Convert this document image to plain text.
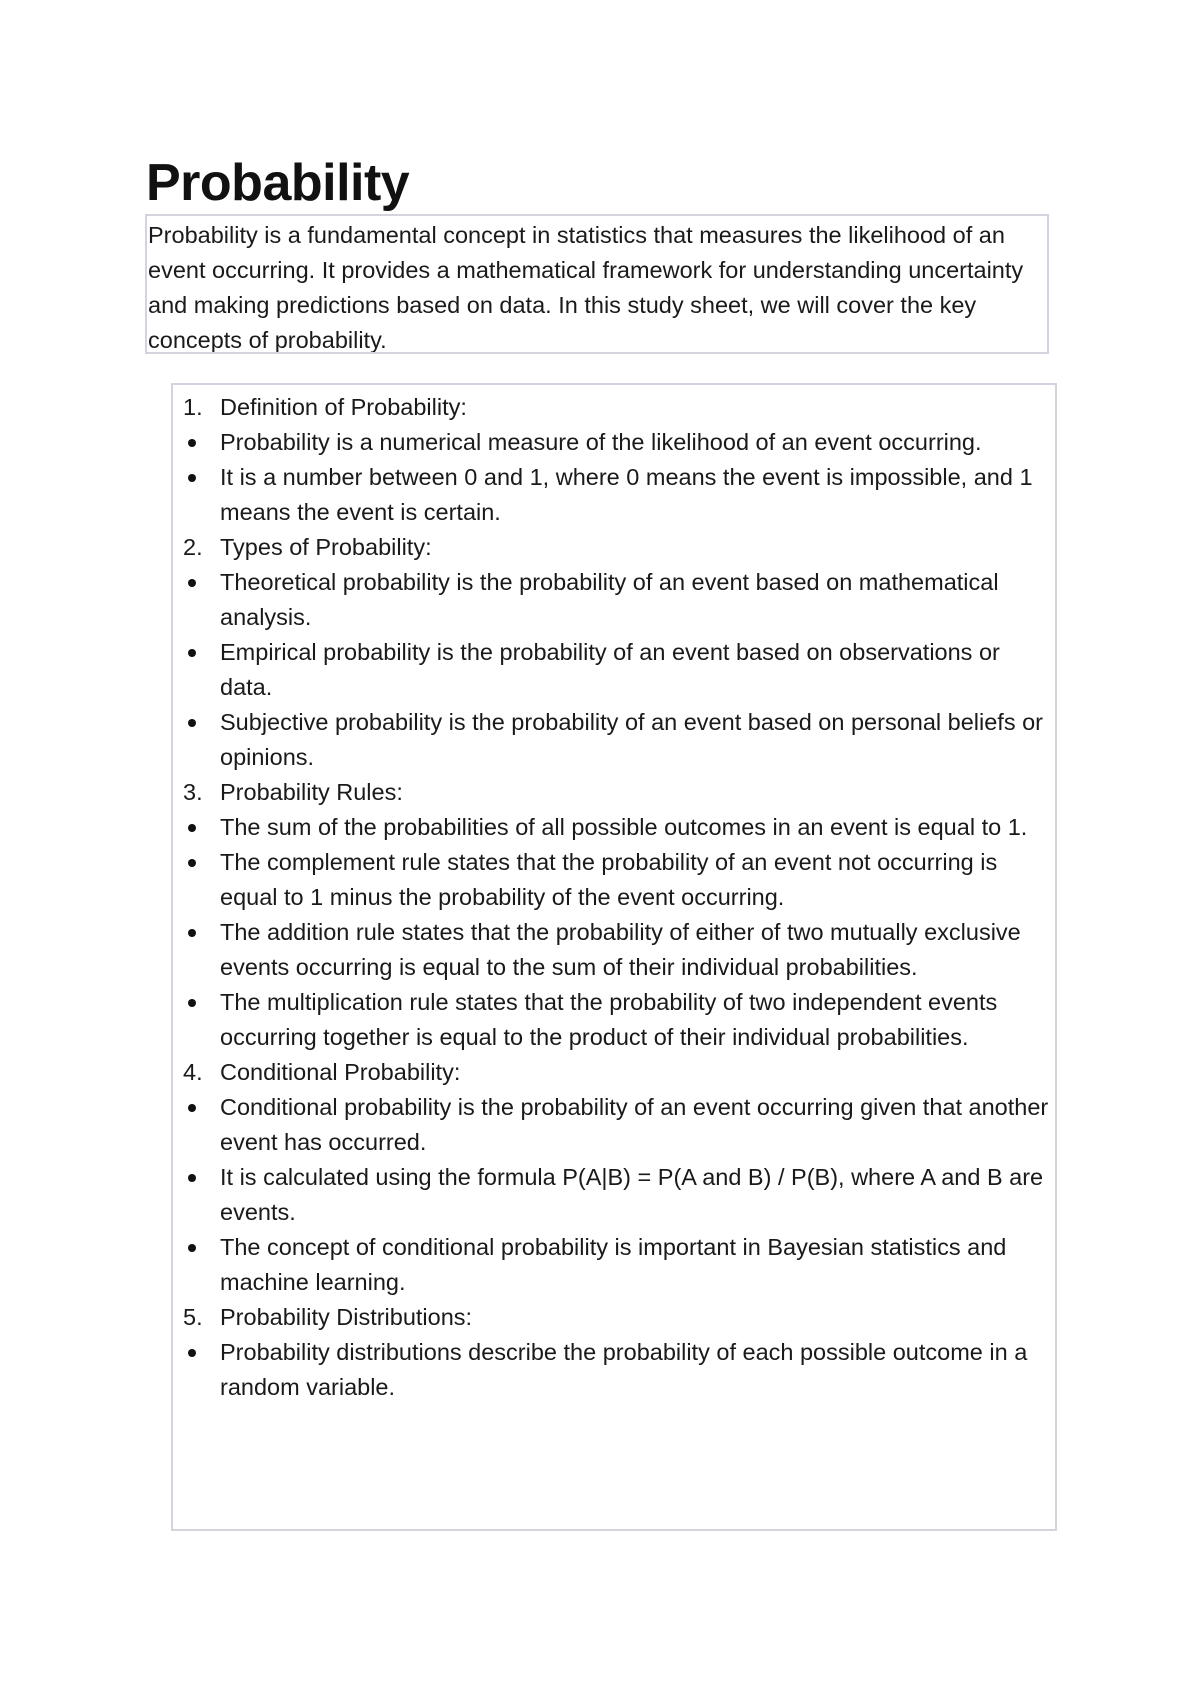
Probability
Probability is a fundamental concept in statistics that measures the likelihood of an event occurring. It provides a mathematical framework for understanding uncertainty and making predictions based on data. In this study sheet, we will cover the key concepts of probability.
1. Definition of Probability:
Probability is a numerical measure of the likelihood of an event occurring.
It is a number between 0 and 1, where 0 means the event is impossible, and 1 means the event is certain.
2. Types of Probability:
Theoretical probability is the probability of an event based on mathematical analysis.
Empirical probability is the probability of an event based on observations or data.
Subjective probability is the probability of an event based on personal beliefs or opinions.
3. Probability Rules:
The sum of the probabilities of all possible outcomes in an event is equal to 1.
The complement rule states that the probability of an event not occurring is equal to 1 minus the probability of the event occurring.
The addition rule states that the probability of either of two mutually exclusive events occurring is equal to the sum of their individual probabilities.
The multiplication rule states that the probability of two independent events occurring together is equal to the product of their individual probabilities.
4. Conditional Probability:
Conditional probability is the probability of an event occurring given that another event has occurred.
It is calculated using the formula P(A|B) = P(A and B) / P(B), where A and B are events.
The concept of conditional probability is important in Bayesian statistics and machine learning.
5. Probability Distributions:
Probability distributions describe the probability of each possible outcome in a random variable.
